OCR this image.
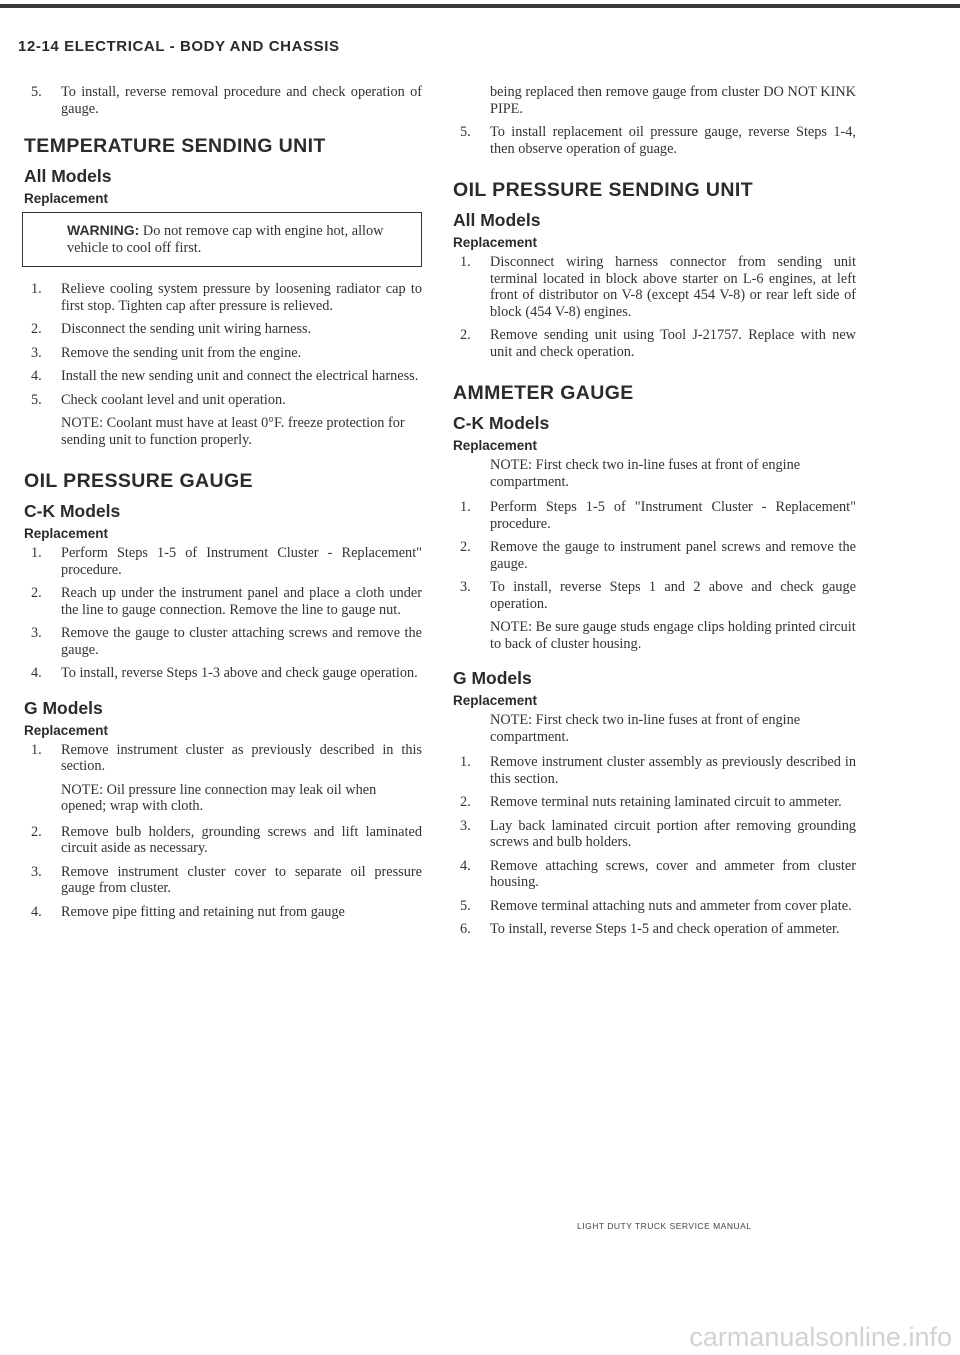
12-14 ELECTRICAL - BODY AND CHASSIS
5.	To install, reverse removal procedure and check operation of gauge.
TEMPERATURE SENDING UNIT
All Models
Replacement
WARNING: Do not remove cap with engine hot, allow vehicle to cool off first.
1.	Relieve cooling system pressure by loosening radiator cap to first stop. Tighten cap after pressure is relieved.
2.	Disconnect the sending unit wiring harness.
3.	Remove the sending unit from the engine.
4.	Install the new sending unit and connect the electrical harness.
5.	Check coolant level and unit operation.
NOTE: Coolant must have at least 0°F. freeze protection for sending unit to function properly.
OIL PRESSURE GAUGE
C-K Models
Replacement
1.	Perform Steps 1-5 of Instrument Cluster - Replacement" procedure.
2.	Reach up under the instrument panel and place a cloth under the line to gauge connection. Remove the line to gauge nut.
3.	Remove the gauge to cluster attaching screws and remove the gauge.
4.	To install, reverse Steps 1-3 above and check gauge operation.
G Models
Replacement
1.	Remove instrument cluster as previously described in this section.
NOTE: Oil pressure line connection may leak oil when opened; wrap with cloth.
2.	Remove bulb holders, grounding screws and lift laminated circuit aside as necessary.
3.	Remove instrument cluster cover to separate oil pressure gauge from cluster.
4.	Remove pipe fitting and retaining nut from gauge
being replaced then remove gauge from cluster DO NOT KINK PIPE.
5.	To install replacement oil pressure gauge, reverse Steps 1-4, then observe operation of guage.
OIL PRESSURE SENDING UNIT
All Models
Replacement
1.	Disconnect wiring harness connector from sending unit terminal located in block above starter on L-6 engines, at left front of distributor on V-8 (except 454 V-8) or rear left side of block (454 V-8) engines.
2.	Remove sending unit using Tool J-21757. Replace with new unit and check operation.
AMMETER GAUGE
C-K Models
Replacement
NOTE: First check two in-line fuses at front of engine compartment.
1.	Perform Steps 1-5 of "Instrument Cluster - Replacement" procedure.
2.	Remove the gauge to instrument panel screws and remove the gauge.
3.	To install, reverse Steps 1 and 2 above and check gauge operation.
NOTE: Be sure gauge studs engage clips holding printed circuit to back of cluster housing.
G Models
Replacement
NOTE: First check two in-line fuses at front of engine compartment.
1.	Remove instrument cluster assembly as previously described in this section.
2.	Remove terminal nuts retaining laminated circuit to ammeter.
3.	Lay back laminated circuit portion after removing grounding screws and bulb holders.
4.	Remove attaching screws, cover and ammeter from cluster housing.
5.	Remove terminal attaching nuts and ammeter from cover plate.
6.	To install, reverse Steps 1-5 and check operation of ammeter.
LIGHT DUTY TRUCK SERVICE MANUAL
carmanualsonline.info
